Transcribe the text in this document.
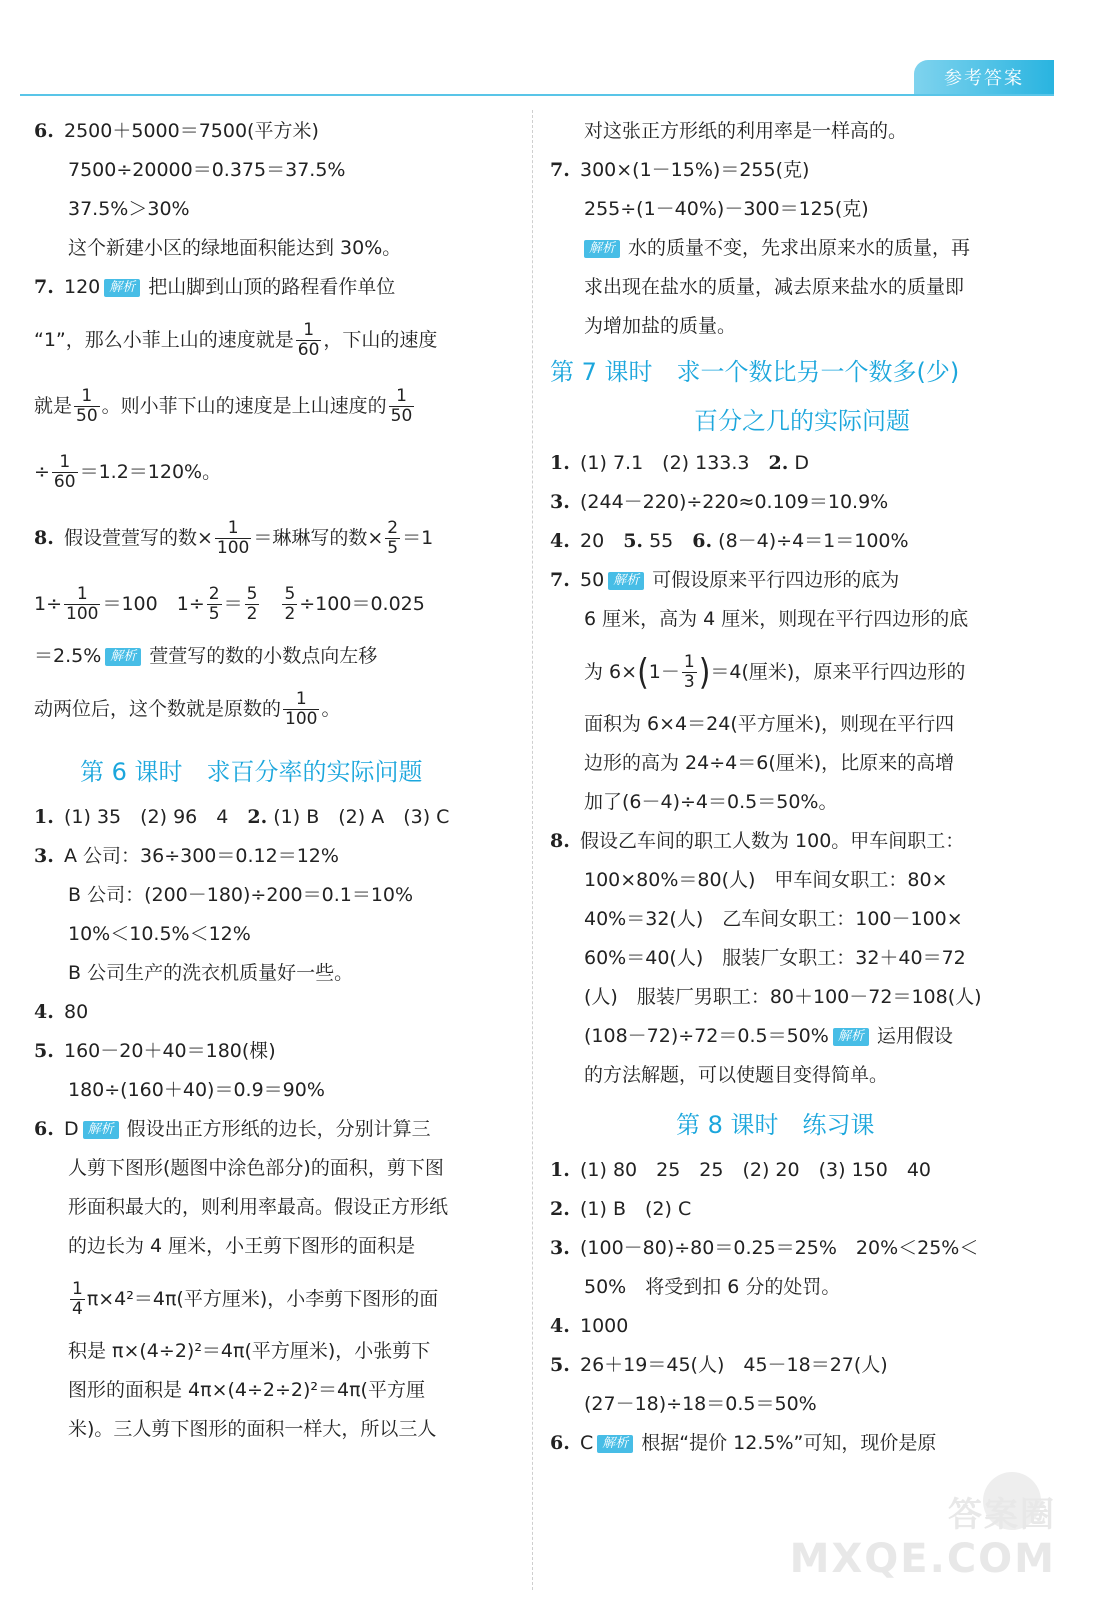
参考答案
6. 2500＋5000＝7500(平方米)
7500÷20000＝0.375＝37.5%
37.5%＞30%
这个新建小区的绿地面积能达到 30%。
7. 120 解析 把山脚到山顶的路程看作单位
“1”，那么小菲上山的速度就是 $\frac{1}{60}$ ，下山的速度
就是 $\frac{1}{50}$ 。则小菲下山的速度是上山速度的 $\frac{1}{50}$
÷ $\frac{1}{60} =1.2=120\%$。
8. 假设萱萱写的数× $\frac{1}{100}$ ＝琳琳写的数× $\frac{2}{5} =1$
$1\div \frac{1}{100} =100$　$1\div \frac{2}{5} = \frac{5}{2}$
　 $\frac{5}{2} \div 100=0.025$
＝2.5% 解析 萱萱写的数的小数点向左移
动两位后，这个数就是原数的 $\frac{1}{100}$ 。
第 6 课时　求百分率的实际问题
1. (1) 35　(2) 96　4　2. (1) B　(2) A　(3) C
3. A 公司：36÷300＝0.12＝12%
B 公司：(200－180)÷200＝0.1＝10%
10%＜10.5%＜12%
B 公司生产的洗衣机质量好一些。
4. 80
5. 160－20＋40＝180(棵)
180÷(160＋40)＝0.9＝90%
6. D 解析 假设出正方形纸的边长，分别计算三
人剪下图形(题图中涂色部分)的面积，剪下图
形面积最大的，则利用率最高。假设正方形纸
的边长为 4 厘米，小王剪下图形的面积是
$\frac{1}{4} \pi\times 4^2=4\pi$(平方厘米)，小李剪下图形的面
积是 π×(4÷2)²＝4π(平方厘米)，小张剪下
图形的面积是 4π×(4÷2÷2)²＝4π(平方厘
米)。三人剪下图形的面积一样大，所以三人
对这张正方形纸的利用率是一样高的。
7. 300×(1－15%)＝255(克)
255÷(1－40%)－300＝125(克)
解析 水的质量不变，先求出原来水的质量，再
求出现在盐水的质量，减去原来盐水的质量即
为增加盐的质量。
第 7 课时　求一个数比另一个数多(少)
百分之几的实际问题
1. (1) 7.1　(2) 133.3　2. D
3. (244－220)÷220≈0.109＝10.9%
4. 20　5. 55　6. (8－4)÷4＝1＝100%
7. 50 解析 可假设原来平行四边形的底为
6 厘米，高为 4 厘米，则现在平行四边形的底
为 $6\times(1- \frac{1}{3} )=4$(厘米)，原来平行四边形的
面积为 6×4＝24(平方厘米)，则现在平行四
边形的高为 24÷4＝6(厘米)，比原来的高增
加了(6－4)÷4＝0.5＝50%。
8. 假设乙车间的职工人数为 100。甲车间职工：
100×80%＝80(人)　甲车间女职工：80×
40%＝32(人)　乙车间女职工：100－100×
60%＝40(人)　服装厂女职工：32＋40＝72
(人)　服装厂男职工：80＋100－72＝108(人)
(108－72)÷72＝0.5＝50% 解析 运用假设
的方法解题，可以使题目变得简单。
第 8 课时　练习课
1. (1) 80　25　25　(2) 20　(3) 150　40
2. (1) B　(2) C
3. (100－80)÷80＝0.25＝25%　20%＜25%＜
50%　将受到扣 6 分的处罚。
4. 1000
5. 26＋19＝45(人)　45－18＝27(人)
(27－18)÷18＝0.5＝50%
6. C 解析 根据“提价 12.5%”可知，现价是原
答案圈
MXQE.COM
